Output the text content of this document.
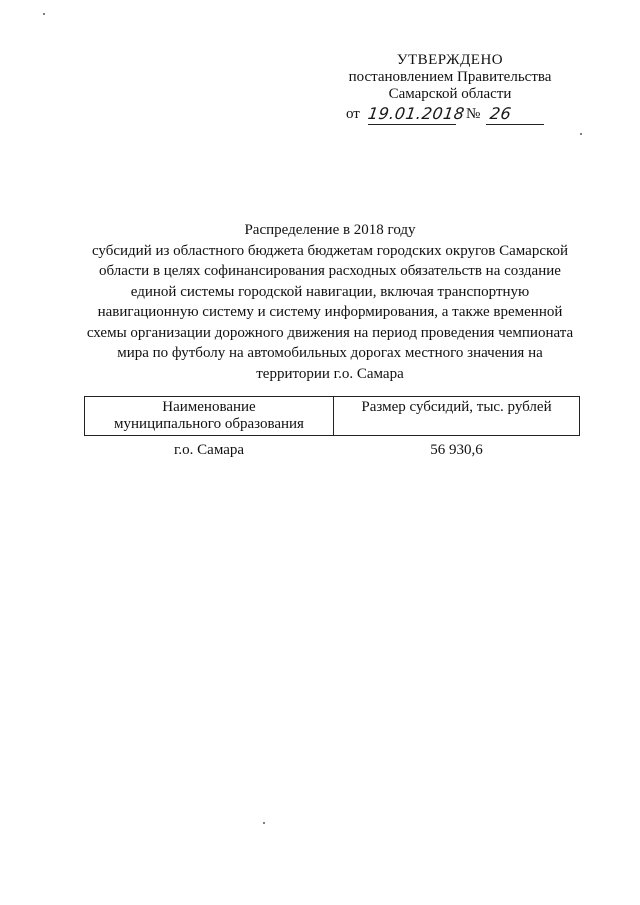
УТВЕРЖДЕНО
постановлением Правительства
Самарской области
от 19.01.2018 № 26
Распределение в 2018 году
субсидий из областного бюджета бюджетам городских округов Самарской
области в целях софинансирования расходных обязательств на создание
единой системы городской навигации, включая транспортную
навигационную систему и систему информирования, а также временной
схемы организации дорожного движения на период проведения чемпионата
мира по футболу на автомобильных дорогах местного значения на
территории г.о. Самара
Наименование
муниципального образования	Размер субсидий, тыс. рублей
г.о. Самара	56 930,6
